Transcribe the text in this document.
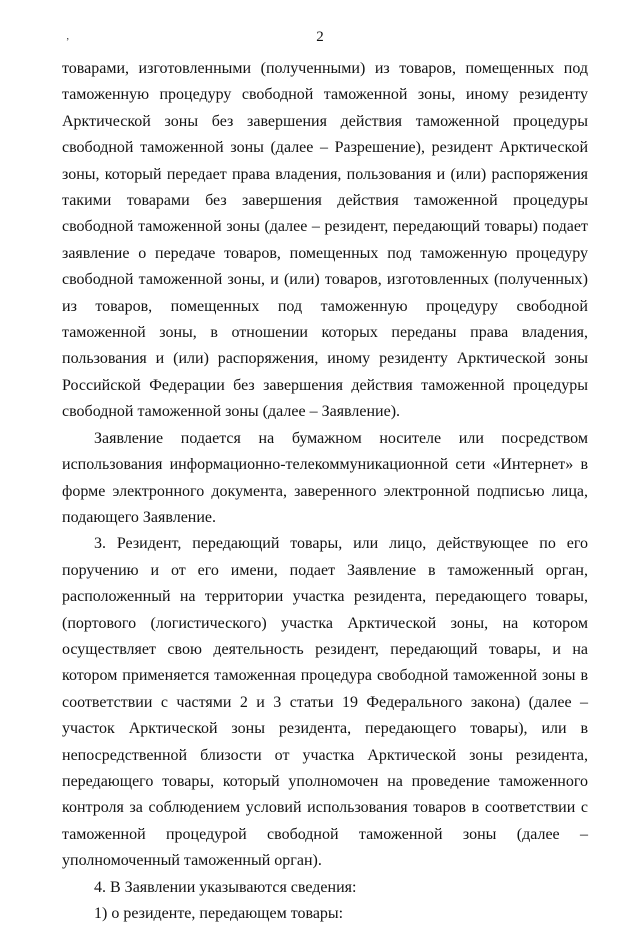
’	2

товарами, изготовленными (полученными) из товаров, помещенных под таможенную процедуру свободной таможенной зоны, иному резиденту Арктической зоны без завершения действия таможенной процедуры свободной таможенной зоны (далее – Разрешение), резидент Арктической зоны, который передает права владения, пользования и (или) распоряжения такими товарами без завершения действия таможенной процедуры свободной таможенной зоны (далее – резидент, передающий товары) подает заявление о передаче товаров, помещенных под таможенную процедуру свободной таможенной зоны, и (или) товаров, изготовленных (полученных) из товаров, помещенных под таможенную процедуру свободной таможенной зоны, в отношении которых переданы права владения, пользования и (или) распоряжения, иному резиденту Арктической зоны Российской Федерации без завершения действия таможенной процедуры свободной таможенной зоны (далее – Заявление).

Заявление подается на бумажном носителе или посредством использования информационно-телекоммуникационной сети «Интернет» в форме электронного документа, заверенного электронной подписью лица, подающего Заявление.

3. Резидент, передающий товары, или лицо, действующее по его поручению и от его имени, подает Заявление в таможенный орган, расположенный на территории участка резидента, передающего товары, (портового (логистического) участка Арктической зоны, на котором осуществляет свою деятельность резидент, передающий товары, и на котором применяется таможенная процедура свободной таможенной зоны в соответствии с частями 2 и 3 статьи 19 Федерального закона) (далее – участок Арктической зоны резидента, передающего товары), или в непосредственной близости от участка Арктической зоны резидента, передающего товары, который уполномочен на проведение таможенного контроля за соблюдением условий использования товаров в соответствии с таможенной процедурой свободной таможенной зоны (далее – уполномоченный таможенный орган).

4. В Заявлении указываются сведения:

1) о резиденте, передающем товары:
